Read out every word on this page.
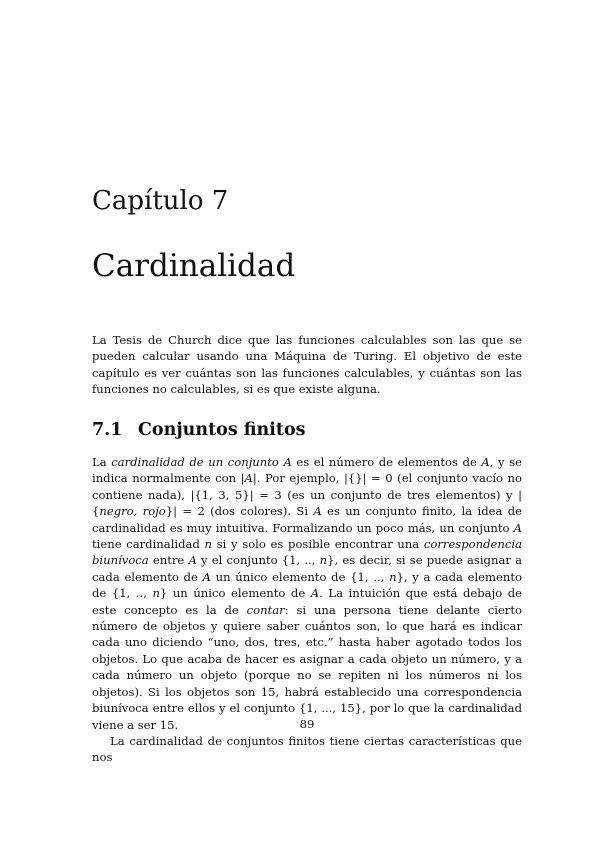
Capítulo 7
Cardinalidad

La Tesis de Church dice que las funciones calculables son las que se pueden calcular usando una Máquina de Turing. El objetivo de este capítulo es ver cuántas son las funciones calculables, y cuántas son las funciones no calculables, si es que existe alguna.

7.1 Conjuntos finitos

La cardinalidad de un conjunto A es el número de elementos de A, y se indica normalmente con |A|. Por ejemplo, |{}| = 0 (el conjunto vacío no contiene nada), |{1, 3, 5}| = 3 (es un conjunto de tres elementos) y |{negro, rojo}| = 2 (dos colores). Si A es un conjunto finito, la idea de cardinalidad es muy intuitiva. Formalizando un poco más, un conjunto A tiene cardinalidad n si y solo es posible encontrar una correspondencia biunívoca entre A y el conjunto {1, .., n}, es decir, si se puede asignar a cada elemento de A un único elemento de {1, .., n}, y a cada elemento de {1, .., n} un único elemento de A. La intuición que está debajo de este concepto es la de contar: si una persona tiene delante cierto número de objetos y quiere saber cuántos son, lo que hará es indicar cada uno diciendo “uno, dos, tres, etc.” hasta haber agotado todos los objetos. Lo que acaba de hacer es asignar a cada objeto un número, y a cada número un objeto (porque no se repiten ni los números ni los objetos). Si los objetos son 15, habrá establecido una correspondencia biunívoca entre ellos y el conjunto {1, ..., 15}, por lo que la cardinalidad viene a ser 15.

La cardinalidad de conjuntos finitos tiene ciertas características que nos

89
